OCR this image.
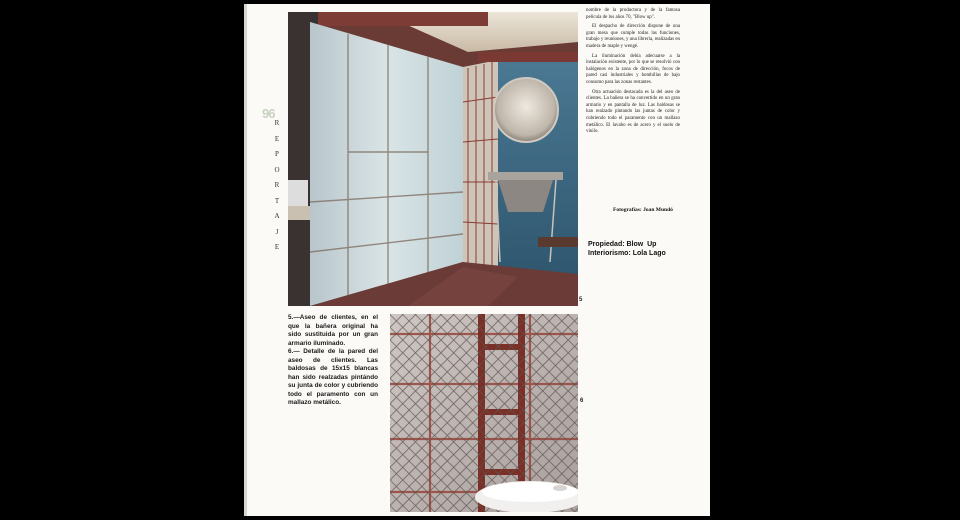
96
R
E
P
O
R
T
A
J
E

nombre de la productora y de la famosa película de los años 70, "Blow up".

El despacho de dirección dispone de una gran mesa que cumple todas las funciones, trabajo y reuniones, y una librería, realizadas en madera de maple y wengé.

La iluminación debía adecuarse a la instalación existente, por lo que se resolvió con halógenos en la zona de dirección, focos de pared casi industriales y bombillas de bajo consumo para las zonas restantes.

Otra actuación destacada es la del aseo de clientes. La bañera se ha convertido en un gran armario y en pantalla de luz. Las baldosas se han realzado pintando las juntas de color y cubriendo todo el paramento con un mallazo metálico. El lavabo es de acero y el suelo de vinilo.

Fotografías: Joan Mundó
Propiedad: Blow  Up
Interiorismo: Lola Lago
5
6

5.—Aseo de clientes, en el que la bañera original ha sido sustituida por un gran armario iluminado.

6.— Detalle de la pared del aseo de clientes. Las baldosas de 15x15 blancas han sido realzadas pintándo su junta de color y cubriendo todo el paramento con un mallazo metálico.
